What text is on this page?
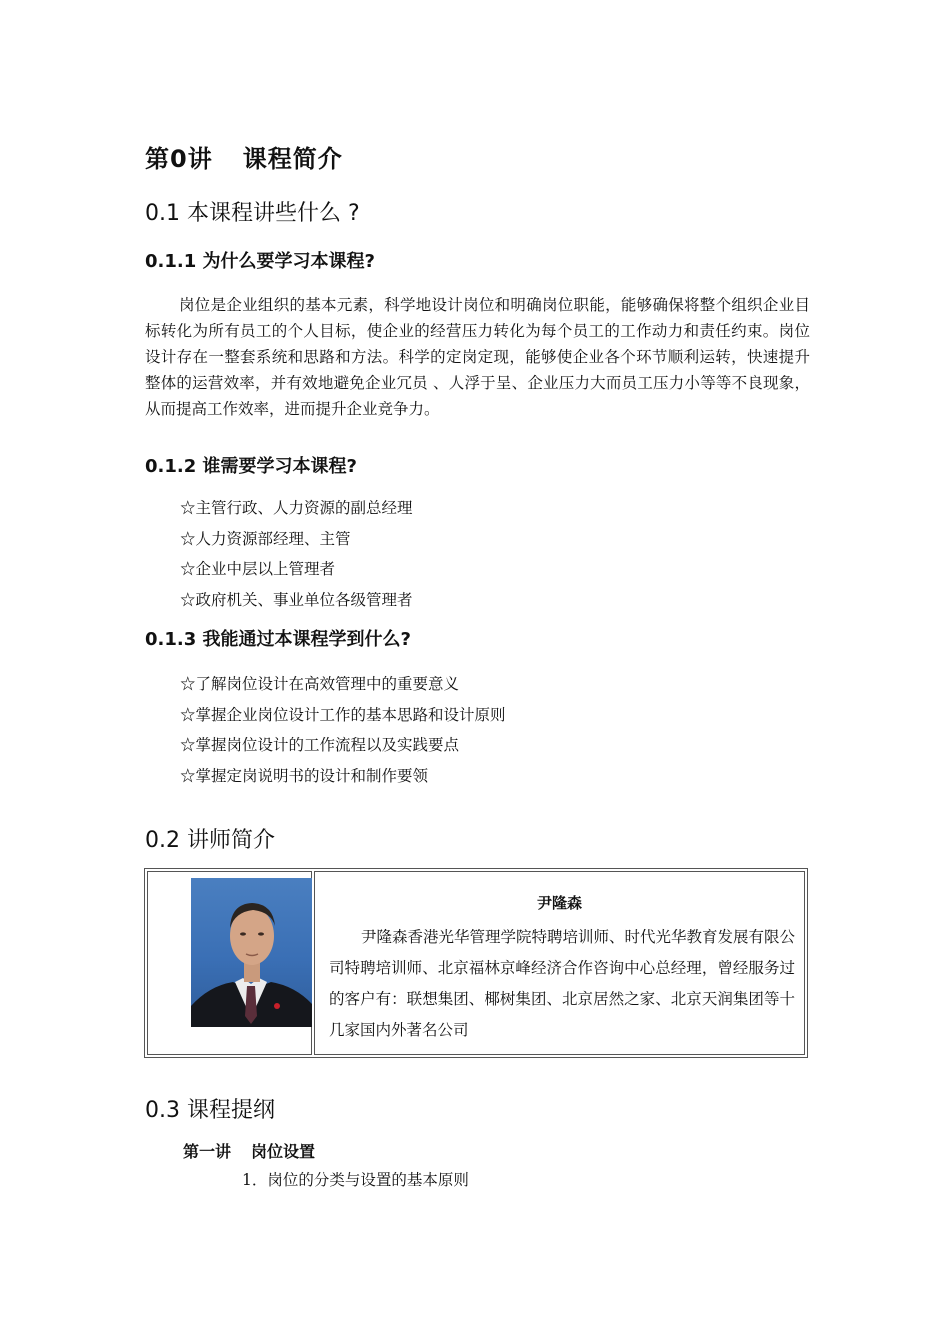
第0讲 课程简介
0.1 本课程讲些什么 ?
0.1.1 为什么要学习本课程?

岗位是企业组织的基本元素，科学地设计岗位和明确岗位职能，能够确保将整个组织企业目标转化为所有员工的个人目标，使企业的经营压力转化为每个员工的工作动力和责任约束。岗位设计存在一整套系统和思路和方法。科学的定岗定现，能够使企业各个环节顺利运转，快速提升整体的运营效率，并有效地避免企业冗员 、人浮于呈、企业压力大而员工压力小等等不良现象，从而提高工作效率，进而提升企业竞争力。

0.1.2 谁需要学习本课程?
☆主管行政、人力资源的副总经理
☆人力资源部经理、主管
☆企业中层以上管理者
☆政府机关、事业单位各级管理者
0.1.3 我能通过本课程学到什么?
☆了解岗位设计在高效管理中的重要意义
☆掌握企业岗位设计工作的基本思路和设计原则
☆掌握岗位设计的工作流程以及实践要点
☆掌握定岗说明书的设计和制作要领
0.2 讲师简介
尹隆森

尹隆森香港光华管理学院特聘培训师、时代光华教育发展有限公司特聘培训师、北京福林京峰经济合作咨询中心总经理，曾经服务过的客户有：联想集团、椰树集团、北京居然之家、北京天润集团等十几家国内外著名公司

0.3 课程提纲
第一讲 岗位设置

1．岗位的分类与设置的基本原则
